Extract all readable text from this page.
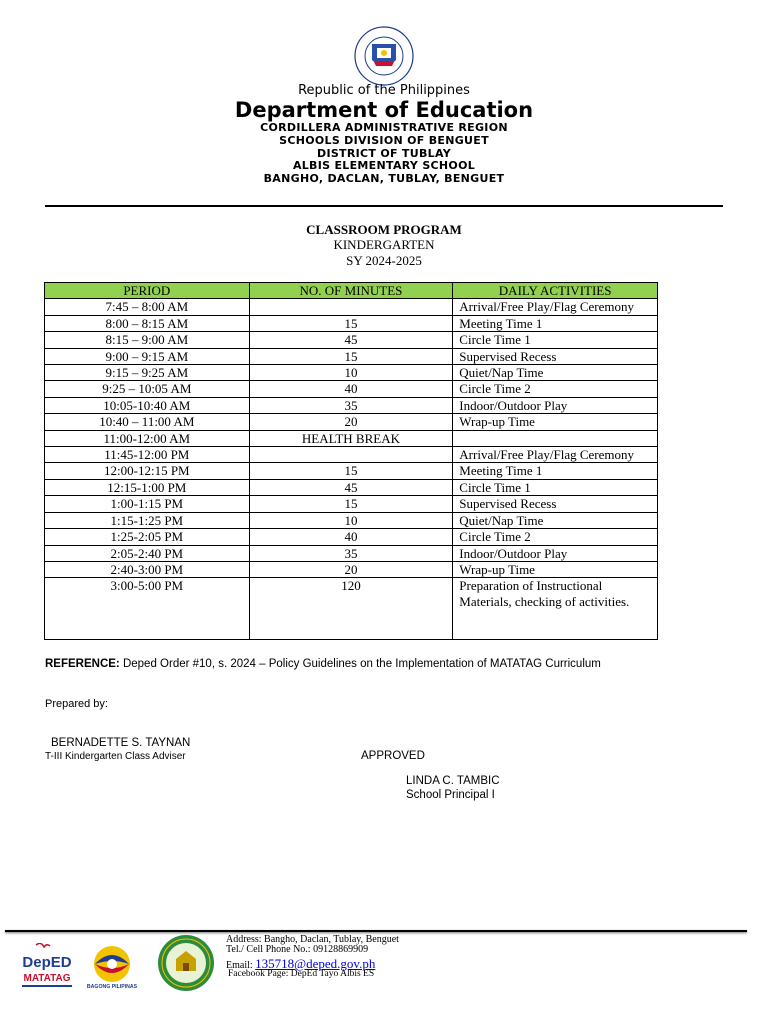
Republic of the Philippines
Department of Education
CORDILLERA ADMINISTRATIVE REGION
SCHOOLS DIVISION OF BENGUET
DISTRICT OF TUBLAY
ALBIS ELEMENTARY SCHOOL
BANGHO, DACLAN, TUBLAY, BENGUET
CLASSROOM PROGRAM
KINDERGARTEN
SY 2024-2025
PERIOD	NO. OF MINUTES	DAILY ACTIVITIES
7:45 – 8:00 AM		Arrival/Free Play/Flag Ceremony
8:00 – 8:15 AM	15	Meeting Time 1
8:15 – 9:00 AM	45	Circle Time 1
9:00 – 9:15 AM	15	Supervised Recess
9:15 – 9:25 AM	10	Quiet/Nap Time
9:25 – 10:05 AM	40	Circle Time 2
10:05-10:40 AM	35	Indoor/Outdoor Play
10:40 – 11:00 AM	20	Wrap-up Time
11:00-12:00 AM	HEALTH BREAK	
11:45-12:00 PM		Arrival/Free Play/Flag Ceremony
12:00-12:15 PM	15	Meeting Time 1
12:15-1:00 PM	45	Circle Time 1
1:00-1:15 PM	15	Supervised Recess
1:15-1:25 PM	10	Quiet/Nap Time
1:25-2:05 PM	40	Circle Time 2
2:05-2:40 PM	35	Indoor/Outdoor Play
2:40-3:00 PM	20	Wrap-up Time
3:00-5:00 PM	120	Preparation of Instructional Materials, checking of activities.
REFERENCE: Deped Order #10, s. 2024 – Policy Guidelines on the Implementation of MATATAG Curriculum
Prepared by:
BERNADETTE S. TAYNAN
T-III Kindergarten Class Adviser	APPROVED
LINDA C. TAMBIC
School Principal I
DepED
MATATAG
BAGONG PILIPINAS
Address: Bangho, Daclan, Tublay, Benguet
Tel./ Cell Phone No.: 09128869909
Email: 135718@deped.gov.ph
Facebook Page: DepEd Tayo Albis ES
